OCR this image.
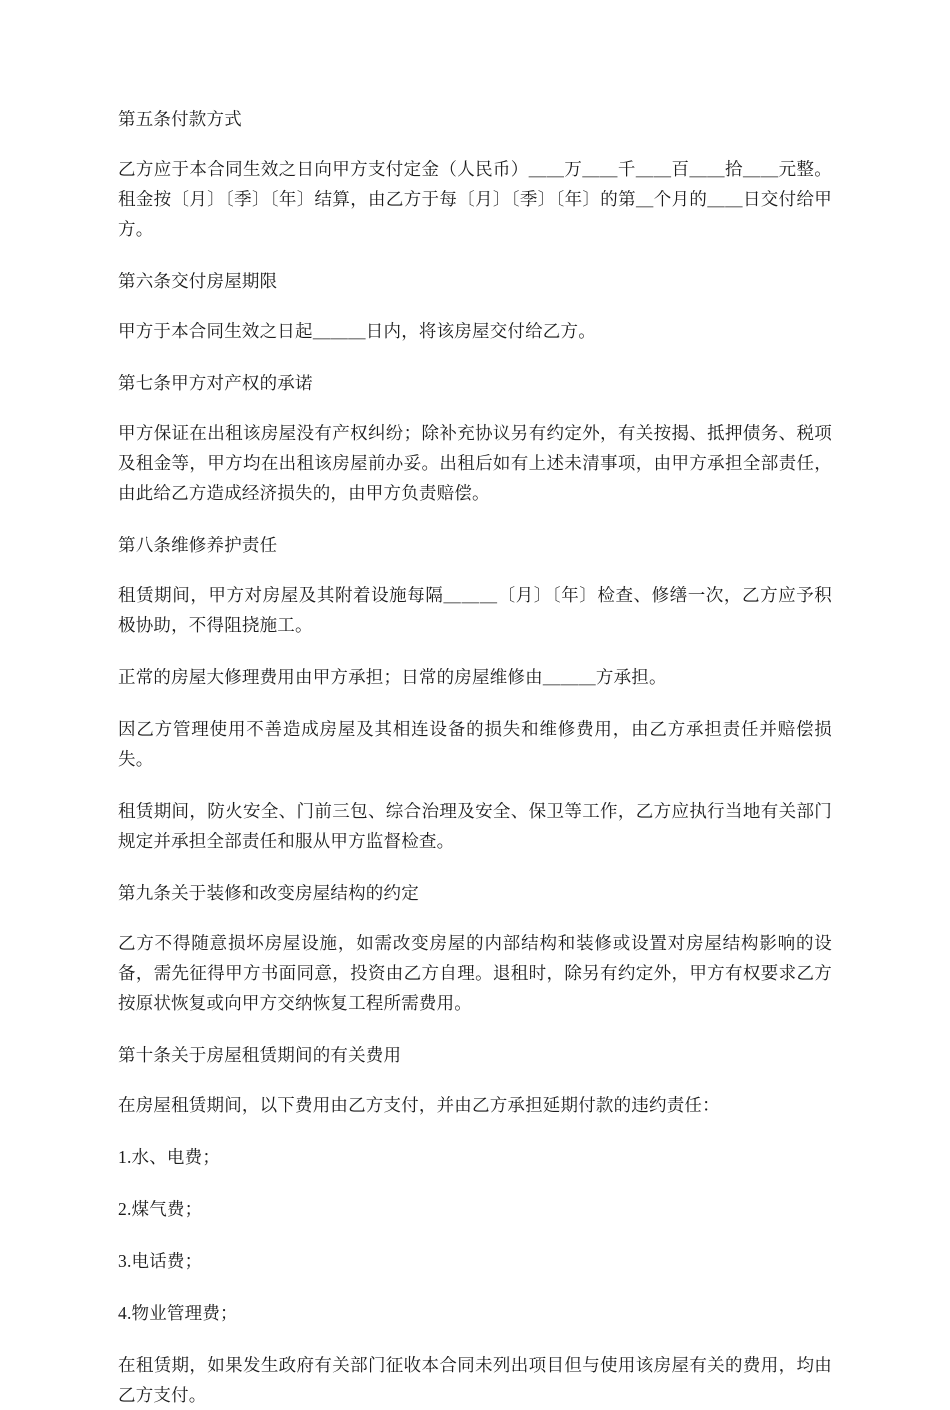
第五条付款方式

乙方应于本合同生效之日向甲方支付定金（人民币）＿＿万＿＿千＿＿百＿＿拾＿＿元整。租金按〔月〕〔季〕〔年〕结算，由乙方于每〔月〕〔季〕〔年〕的第＿个月的＿＿日交付给甲方。

第六条交付房屋期限

甲方于本合同生效之日起＿＿＿日内，将该房屋交付给乙方。

第七条甲方对产权的承诺

甲方保证在出租该房屋没有产权纠纷；除补充协议另有约定外，有关按揭、抵押债务、税项及租金等，甲方均在出租该房屋前办妥。出租后如有上述未清事项，由甲方承担全部责任，由此给乙方造成经济损失的，由甲方负责赔偿。

第八条维修养护责任

租赁期间，甲方对房屋及其附着设施每隔＿＿＿〔月〕〔年〕检查、修缮一次，乙方应予积极协助，不得阻挠施工。

正常的房屋大修理费用由甲方承担；日常的房屋维修由＿＿＿方承担。

因乙方管理使用不善造成房屋及其相连设备的损失和维修费用，由乙方承担责任并赔偿损失。

租赁期间，防火安全、门前三包、综合治理及安全、保卫等工作，乙方应执行当地有关部门规定并承担全部责任和服从甲方监督检查。

第九条关于装修和改变房屋结构的约定

乙方不得随意损坏房屋设施，如需改变房屋的内部结构和装修或设置对房屋结构影响的设备，需先征得甲方书面同意，投资由乙方自理。退租时，除另有约定外，甲方有权要求乙方按原状恢复或向甲方交纳恢复工程所需费用。

第十条关于房屋租赁期间的有关费用

在房屋租赁期间，以下费用由乙方支付，并由乙方承担延期付款的违约责任：

1.水、电费；

2.煤气费；

3.电话费；

4.物业管理费；

在租赁期，如果发生政府有关部门征收本合同未列出项目但与使用该房屋有关的费用，均由乙方支付。
